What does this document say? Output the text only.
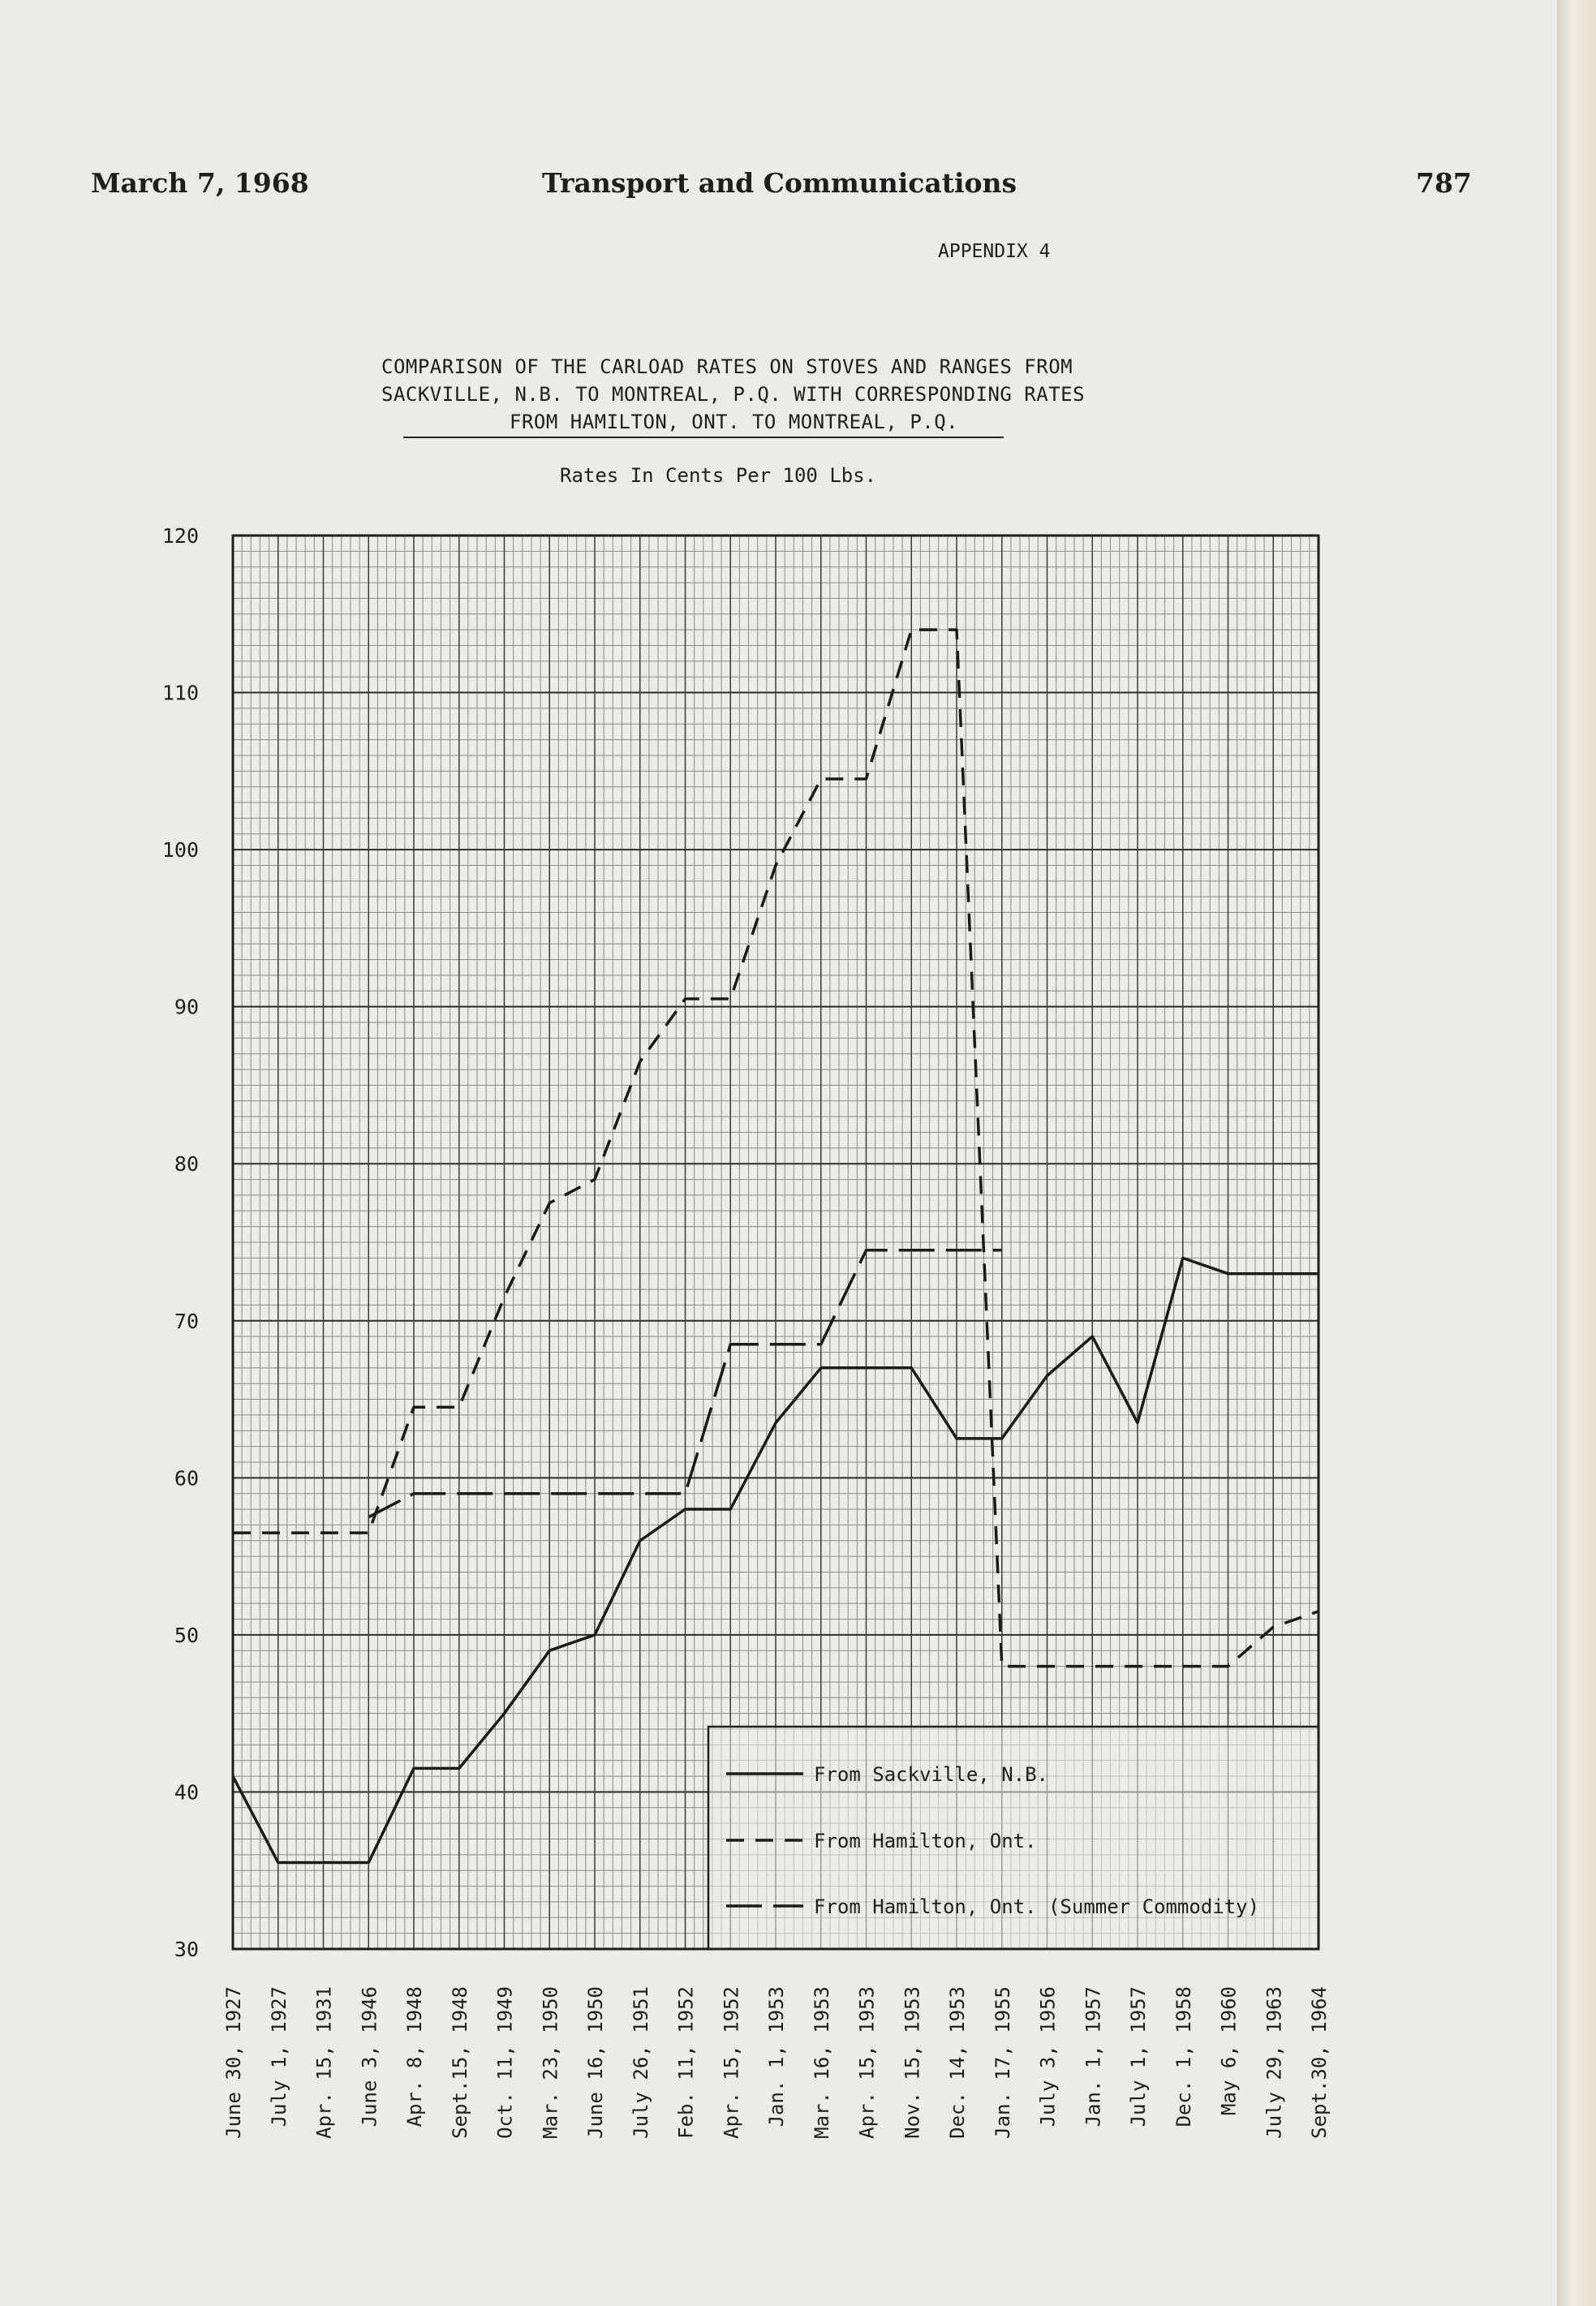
March 7, 1968	Transport and Communications	787
APPENDIX 4
COMPARISON OF THE CARLOAD RATES ON STOVES AND RANGES FROM
SACKVILLE, N.B. TO MONTREAL, P.Q. WITH CORRESPONDING RATES
FROM HAMILTON, ONT. TO MONTREAL, P.Q.
Rates In Cents Per 100 Lbs.
30
40
50
60
70
80
90
100
110
120
June 30, 1927 July 1, 1927 Apr. 15, 1931 June 3, 1946 Apr. 8, 1948 Sept.15, 1948 Oct. 11, 1949 Mar. 23, 1950 June 16, 1950 July 26, 1951 Feb. 11, 1952 Apr. 15, 1952 Jan. 1, 1953 Mar. 16, 1953 Apr. 15, 1953 Nov. 15, 1953 Dec. 14, 1953 Jan. 17, 1955 July 3, 1956 Jan. 1, 1957 July 1, 1957 Dec. 1, 1958 May 6, 1960 July 29, 1963 Sept.30, 1964
From Sackville, N.B.
From Hamilton, Ont.
From Hamilton, Ont. (Summer Commodity)
